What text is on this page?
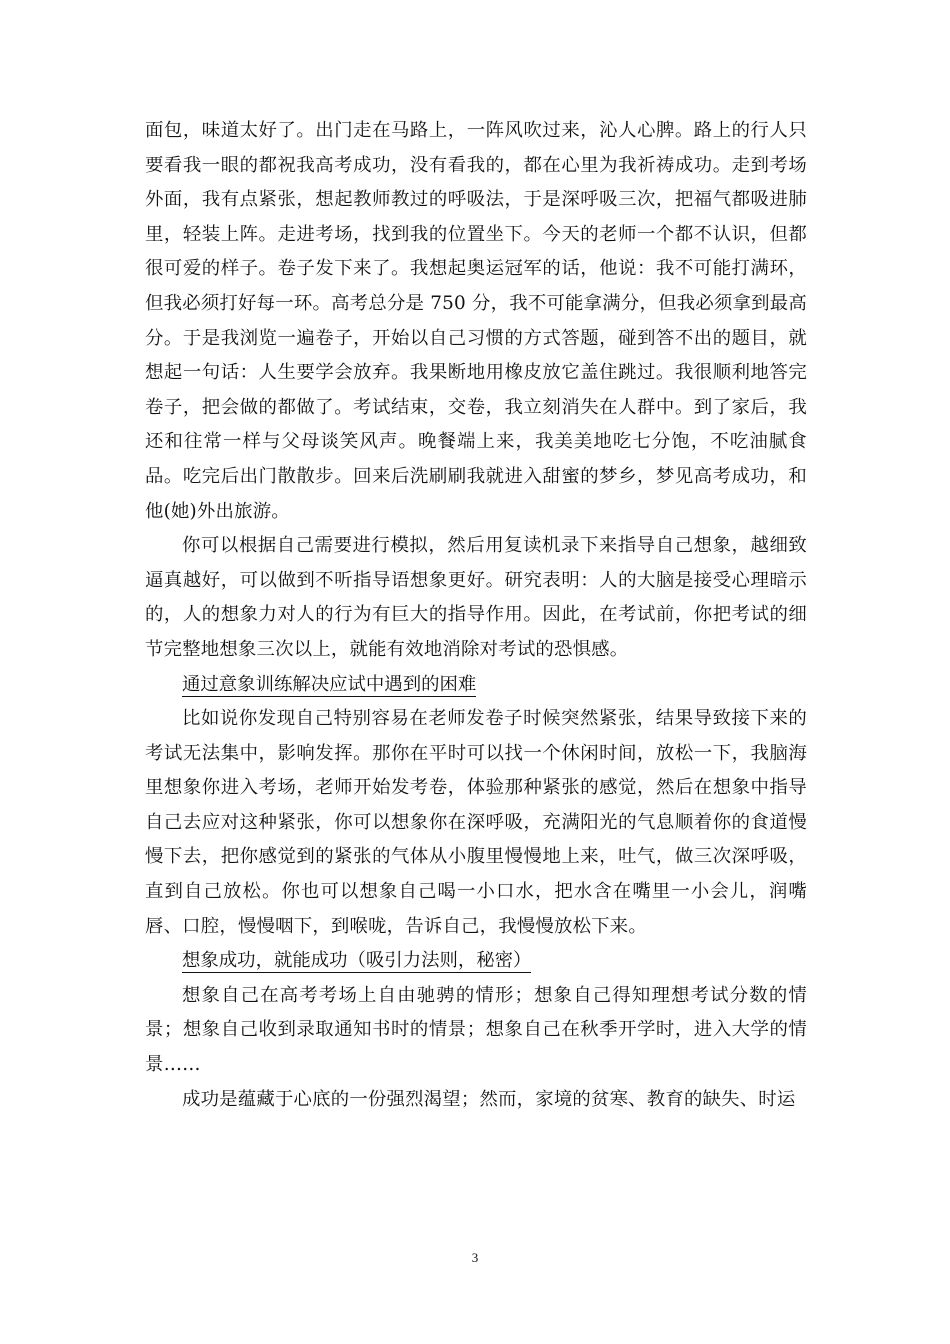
面包，味道太好了。出门走在马路上，一阵风吹过来，沁人心脾。路上的行人只要看我一眼的都祝我高考成功，没有看我的，都在心里为我祈祷成功。走到考场外面，我有点紧张，想起教师教过的呼吸法，于是深呼吸三次，把福气都吸进肺里，轻装上阵。走进考场，找到我的位置坐下。今天的老师一个都不认识，但都很可爱的样子。卷子发下来了。我想起奥运冠军的话，他说：我不可能打满环，但我必须打好每一环。高考总分是 750 分，我不可能拿满分，但我必须拿到最高分。于是我浏览一遍卷子，开始以自己习惯的方式答题，碰到答不出的题目，就想起一句话：人生要学会放弃。我果断地用橡皮放它盖住跳过。我很顺利地答完卷子，把会做的都做了。考试结束，交卷，我立刻消失在人群中。到了家后，我还和往常一样与父母谈笑风声。晚餐端上来，我美美地吃七分饱，不吃油腻食品。吃完后出门散散步。回来后洗刷刷我就进入甜蜜的梦乡，梦见高考成功，和他(她)外出旅游。

你可以根据自己需要进行模拟，然后用复读机录下来指导自己想象，越细致逼真越好，可以做到不听指导语想象更好。研究表明：人的大脑是接受心理暗示的，人的想象力对人的行为有巨大的指导作用。因此，在考试前，你把考试的细节完整地想象三次以上，就能有效地消除对考试的恐惧感。

通过意象训练解决应试中遇到的困难

比如说你发现自己特别容易在老师发卷子时候突然紧张，结果导致接下来的考试无法集中，影响发挥。那你在平时可以找一个休闲时间，放松一下，我脑海里想象你进入考场，老师开始发考卷，体验那种紧张的感觉，然后在想象中指导自己去应对这种紧张，你可以想象你在深呼吸，充满阳光的气息顺着你的食道慢慢下去，把你感觉到的紧张的气体从小腹里慢慢地上来，吐气，做三次深呼吸，直到自己放松。你也可以想象自己喝一小口水，把水含在嘴里一小会儿，润嘴唇、口腔，慢慢咽下，到喉咙，告诉自己，我慢慢放松下来。

想象成功，就能成功（吸引力法则，秘密）

想象自己在高考考场上自由驰骋的情形；想象自己得知理想考试分数的情景；想象自己收到录取通知书时的情景；想象自己在秋季开学时，进入大学的情景……

成功是蕴藏于心底的一份强烈渴望；然而，家境的贫寒、教育的缺失、时运

3
